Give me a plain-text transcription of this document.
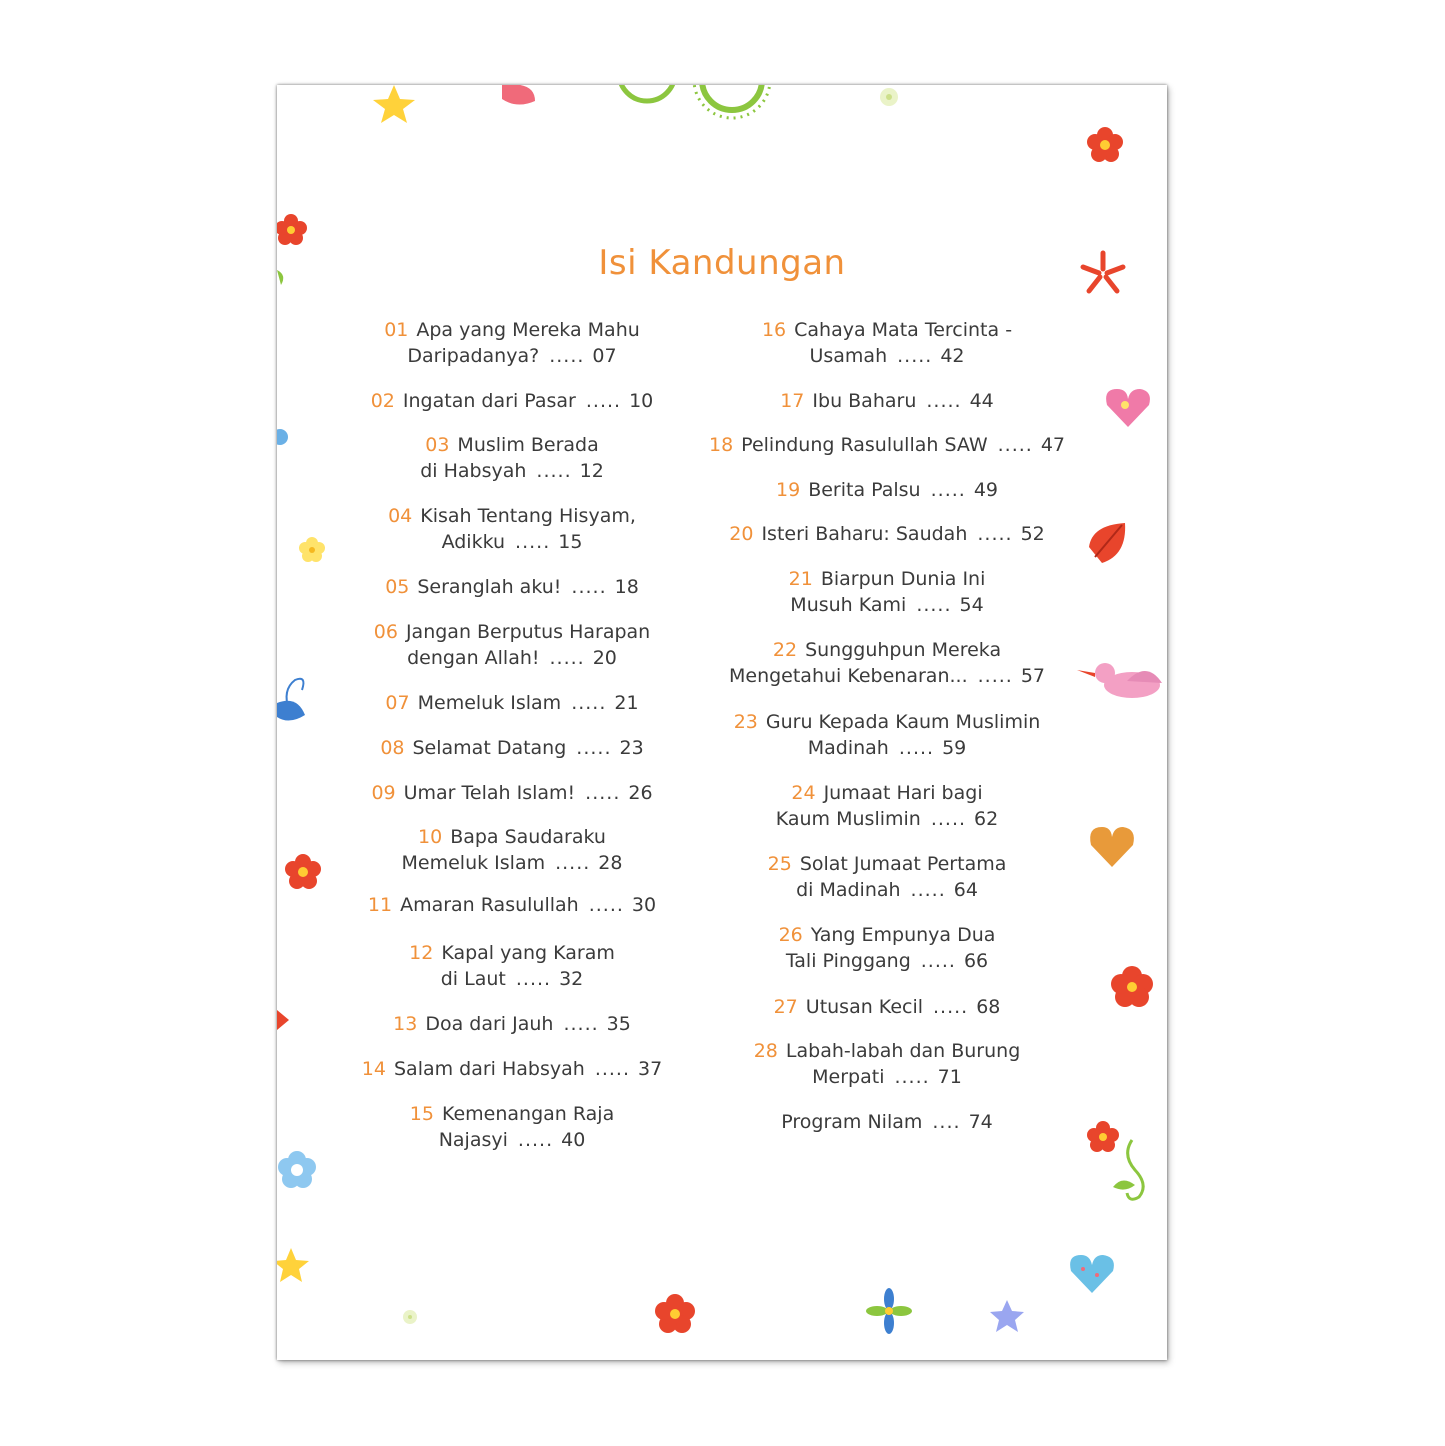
Isi Kandungan
01 Apa yang Mereka Mahu
Daripadanya? ..... 07
02 Ingatan dari Pasar ..... 10
03 Muslim Berada
di Habsyah ..... 12
04 Kisah Tentang Hisyam,
Adikku ..... 15
05 Seranglah aku! ..... 18
06 Jangan Berputus Harapan
dengan Allah! ..... 20
07 Memeluk Islam ..... 21
08 Selamat Datang ..... 23
09 Umar Telah Islam! ..... 26
10 Bapa Saudaraku
Memeluk Islam ..... 28
11 Amaran Rasulullah ..... 30
12 Kapal yang Karam
di Laut ..... 32
13 Doa dari Jauh ..... 35
14 Salam dari Habsyah ..... 37
15 Kemenangan Raja
Najasyi ..... 40
16 Cahaya Mata Tercinta -
Usamah ..... 42
17 Ibu Baharu ..... 44
18 Pelindung Rasulullah SAW ..... 47
19 Berita Palsu ..... 49
20 Isteri Baharu: Saudah ..... 52
21 Biarpun Dunia Ini
Musuh Kami ..... 54
22 Sungguhpun Mereka
Mengetahui Kebenaran... ..... 57
23 Guru Kepada Kaum Muslimin
Madinah ..... 59
24 Jumaat Hari bagi
Kaum Muslimin ..... 62
25 Solat Jumaat Pertama
di Madinah ..... 64
26 Yang Empunya Dua
Tali Pinggang ..... 66
27 Utusan Kecil ..... 68
28 Labah-labah dan Burung
Merpati ..... 71
Program Nilam .... 74
